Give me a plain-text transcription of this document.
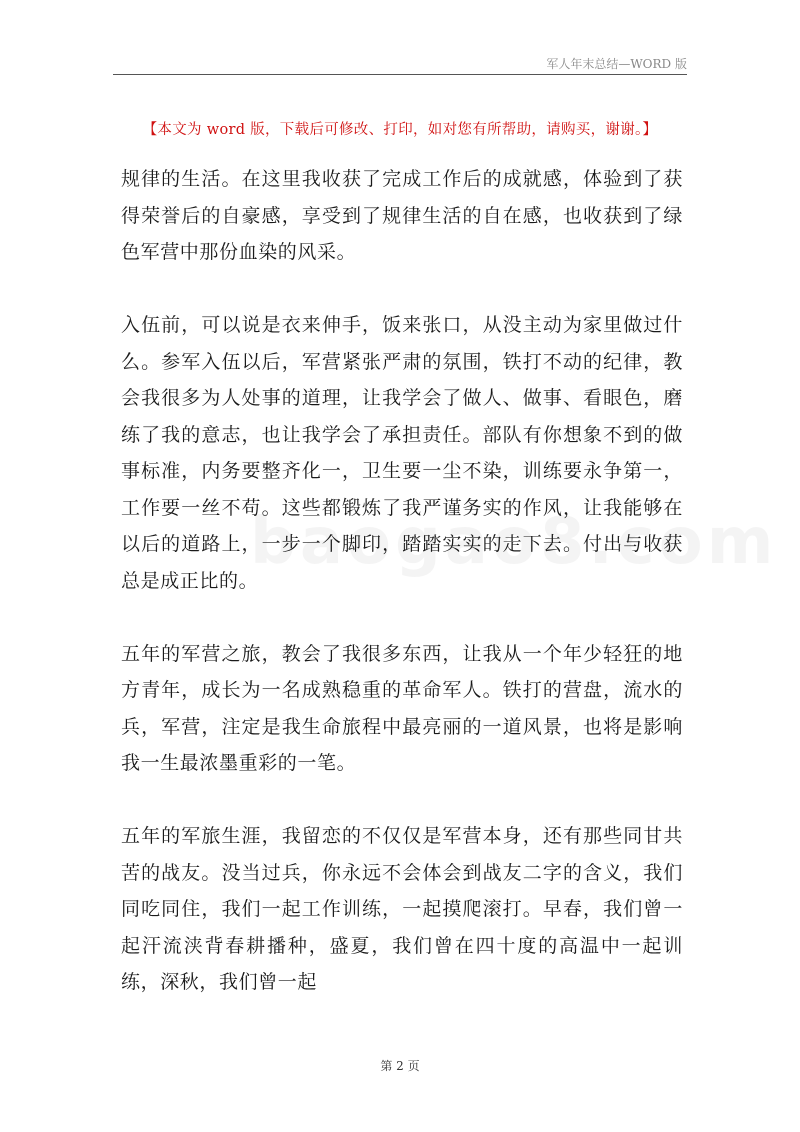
军人年末总结—WORD 版
【本文为 word 版，下载后可修改、打印，如对您有所帮助，请购买，谢谢。】

规律的生活。在这里我收获了完成工作后的成就感，体验到了获得荣誉后的自豪感，享受到了规律生活的自在感，也收获到了绿色军营中那份血染的风采。

入伍前，可以说是衣来伸手，饭来张口，从没主动为家里做过什么。参军入伍以后，军营紧张严肃的氛围，铁打不动的纪律，教会我很多为人处事的道理，让我学会了做人、做事、看眼色，磨练了我的意志，也让我学会了承担责任。部队有你想象不到的做事标准，内务要整齐化一，卫生要一尘不染，训练要永争第一，工作要一丝不苟。这些都锻炼了我严谨务实的作风，让我能够在以后的道路上，一步一个脚印，踏踏实实的走下去。付出与收获总是成正比的。

五年的军营之旅，教会了我很多东西，让我从一个年少轻狂的地方青年，成长为一名成熟稳重的革命军人。铁打的营盘，流水的兵，军营，注定是我生命旅程中最亮丽的一道风景，也将是影响我一生最浓墨重彩的一笔。

五年的军旅生涯，我留恋的不仅仅是军营本身，还有那些同甘共苦的战友。没当过兵，你永远不会体会到战友二字的含义，我们同吃同住，我们一起工作训练，一起摸爬滚打。早春，我们曾一起汗流浃背春耕播种，盛夏，我们曾在四十度的高温中一起训练，深秋，我们曾一起

第 2 页
